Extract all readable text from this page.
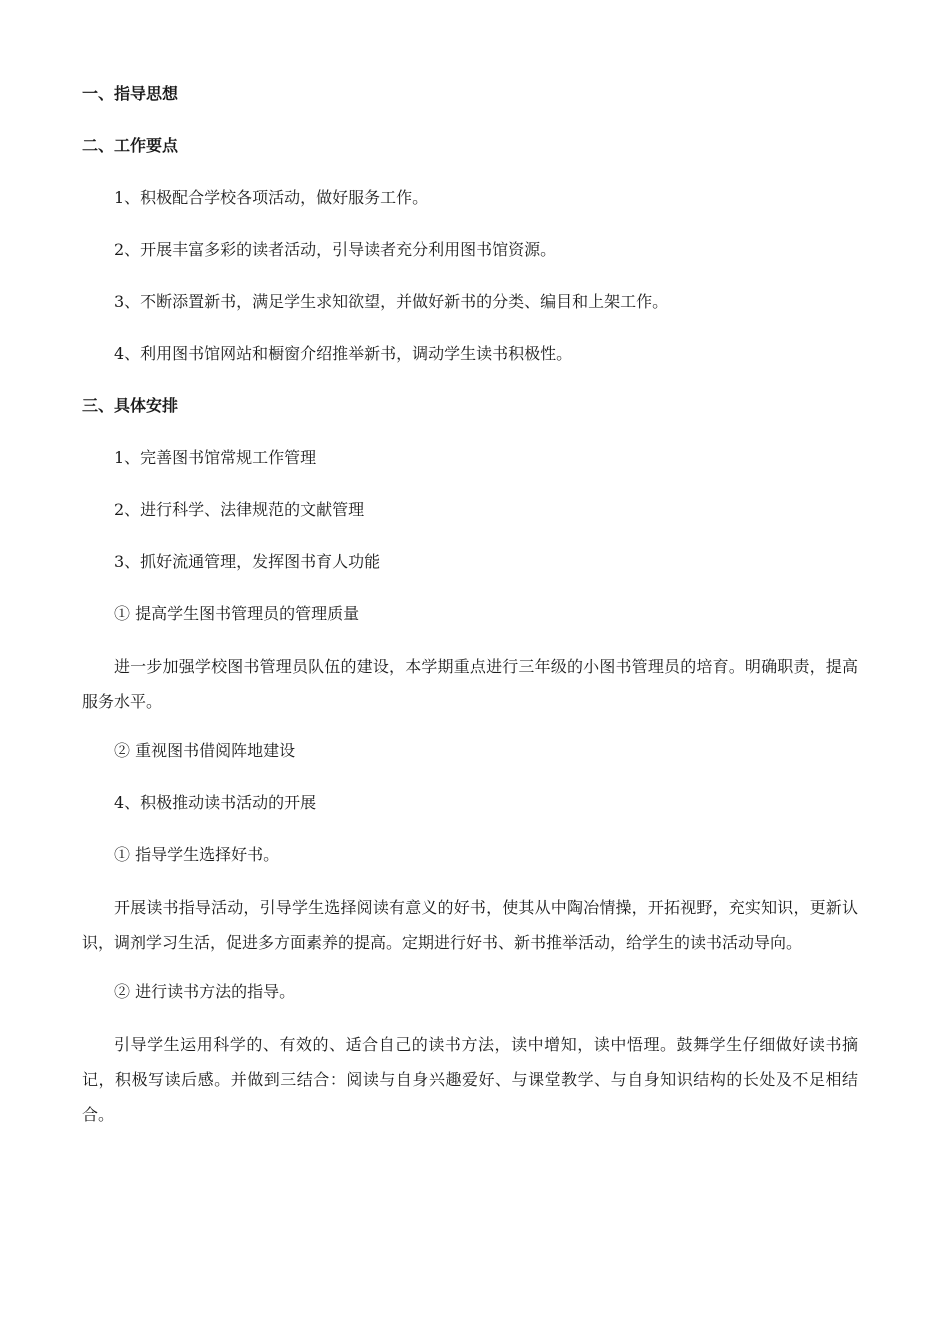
一、指导思想

二、工作要点

1、积极配合学校各项活动，做好服务工作。

2、开展丰富多彩的读者活动，引导读者充分利用图书馆资源。

3、不断添置新书，满足学生求知欲望，并做好新书的分类、编目和上架工作。

4、利用图书馆网站和橱窗介绍推举新书，调动学生读书积极性。

三、具体安排

1、完善图书馆常规工作管理

2、进行科学、法律规范的文献管理

3、抓好流通管理，发挥图书育人功能

① 提高学生图书管理员的管理质量

进一步加强学校图书管理员队伍的建设，本学期重点进行三年级的小图书管理员的培育。明确职责，提高服务水平。

② 重视图书借阅阵地建设

4、积极推动读书活动的开展

① 指导学生选择好书。

开展读书指导活动，引导学生选择阅读有意义的好书，使其从中陶冶情操，开拓视野，充实知识，更新认识，调剂学习生活，促进多方面素养的提高。定期进行好书、新书推举活动，给学生的读书活动导向。

② 进行读书方法的指导。

引导学生运用科学的、有效的、适合自己的读书方法，读中增知，读中悟理。鼓舞学生仔细做好读书摘记，积极写读后感。并做到三结合：阅读与自身兴趣爱好、与课堂教学、与自身知识结构的长处及不足相结合。
